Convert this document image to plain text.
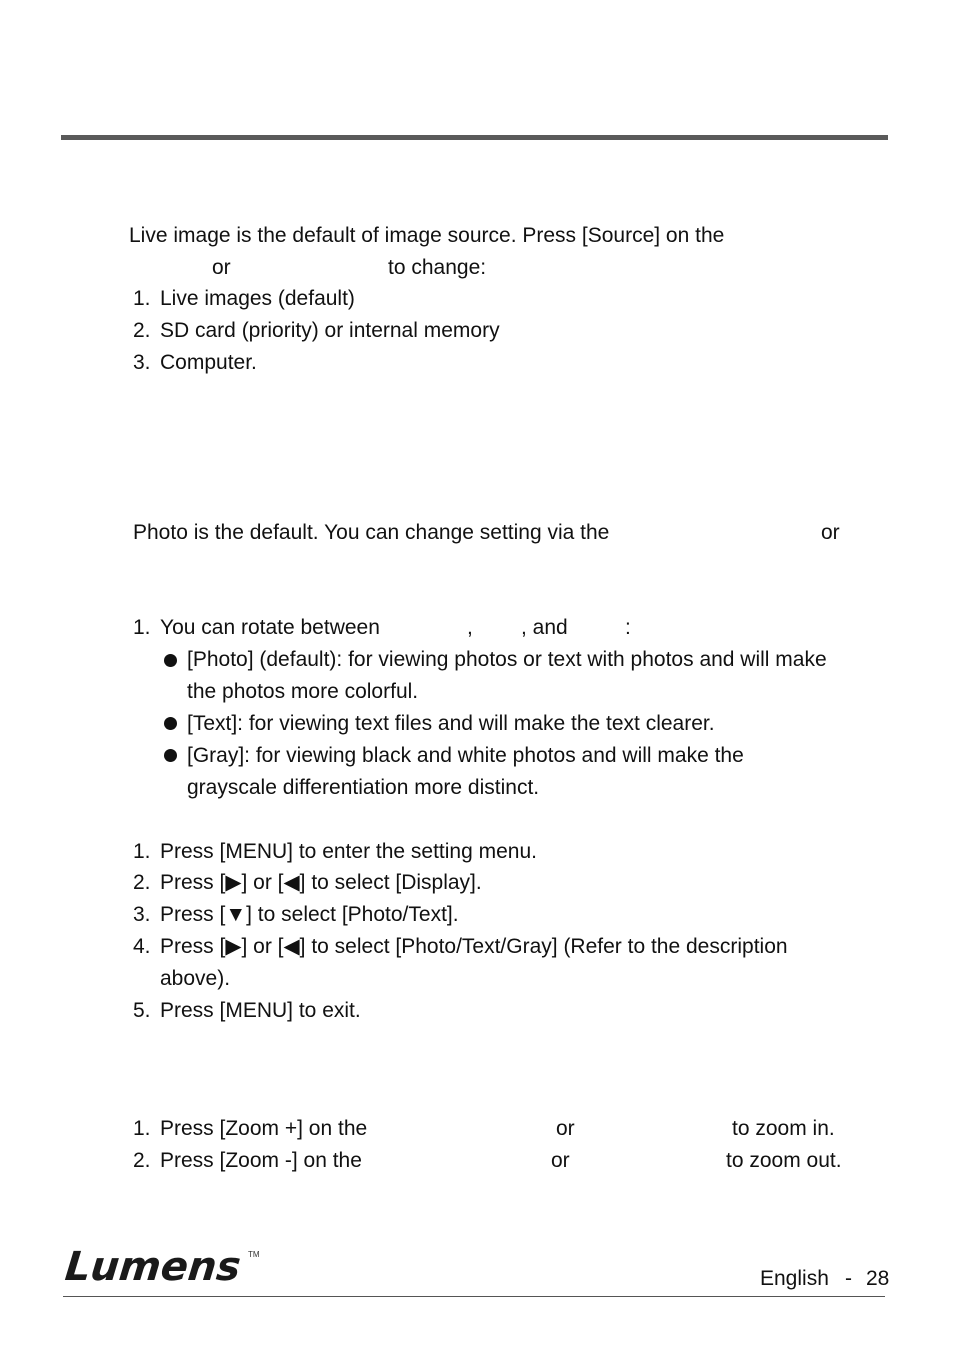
Live image is the default of image source. Press [Source] on the
or	to change:
1. Live images (default)
2. SD card (priority) or internal memory
3. Computer.
Photo is the default. You can change setting via the	or
1. You can rotate between	, , and	:
[Photo] (default): for viewing photos or text with photos and will make
the photos more colorful.
[Text]: for viewing text files and will make the text clearer.
[Gray]: for viewing black and white photos and will make the
grayscale differentiation more distinct.
1. Press [MENU] to enter the setting menu.
2. Press [▶] or [◀] to select [Display].
3. Press [▼] to select [Photo/Text].
4. Press [▶] or [◀] to select [Photo/Text/Gray] (Refer to the description
above).
5. Press [MENU] to exit.
1. Press [Zoom +] on the	or	to zoom in.
2. Press [Zoom -] on the	or	to zoom out.
Lumens TM
English - 28
